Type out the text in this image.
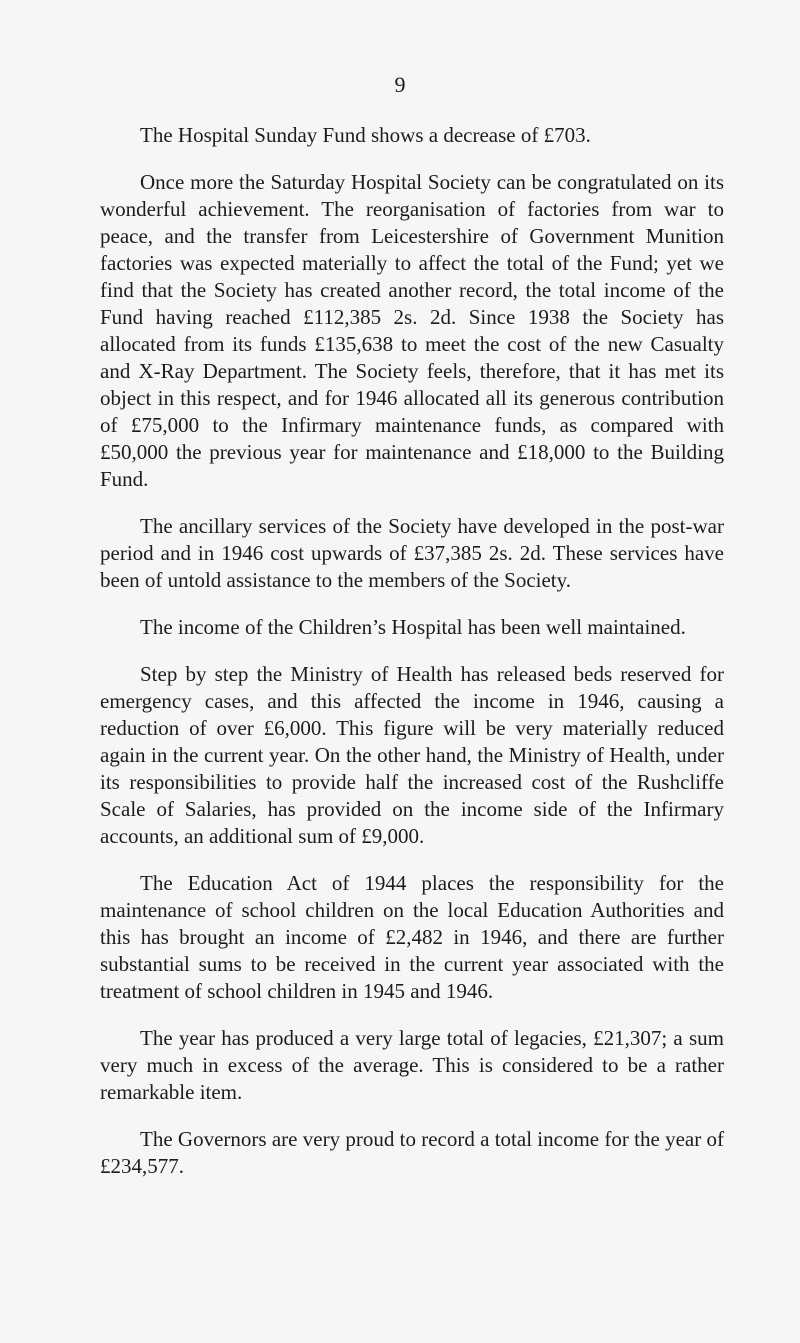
9

The Hospital Sunday Fund shows a decrease of £703.

Once more the Saturday Hospital Society can be congratulated on its wonderful achievement. The reorganisation of factories from war to peace, and the transfer from Leicestershire of Government Munition factories was expected materially to affect the total of the Fund; yet we find that the Society has created another record, the total income of the Fund having reached £112,385 2s. 2d. Since 1938 the Society has allocated from its funds £135,638 to meet the cost of the new Casualty and X-Ray Department. The Society feels, therefore, that it has met its object in this respect, and for 1946 allocated all its generous contribution of £75,000 to the Infirmary maintenance funds, as compared with £50,000 the previous year for maintenance and £18,000 to the Building Fund.

The ancillary services of the Society have developed in the post-war period and in 1946 cost upwards of £37,385 2s. 2d. These services have been of untold assistance to the members of the Society.

The income of the Children’s Hospital has been well maintained.

Step by step the Ministry of Health has released beds reserved for emergency cases, and this affected the income in 1946, causing a reduction of over £6,000. This figure will be very materially reduced again in the current year. On the other hand, the Ministry of Health, under its responsibilities to provide half the increased cost of the Rushcliffe Scale of Salaries, has provided on the income side of the Infirmary accounts, an additional sum of £9,000.

The Education Act of 1944 places the responsibility for the maintenance of school children on the local Education Authorities and this has brought an income of £2,482 in 1946, and there are further substantial sums to be received in the current year associated with the treatment of school children in 1945 and 1946.

The year has produced a very large total of legacies, £21,307; a sum very much in excess of the average. This is considered to be a rather remarkable item.

The Governors are very proud to record a total income for the year of £234,577.
